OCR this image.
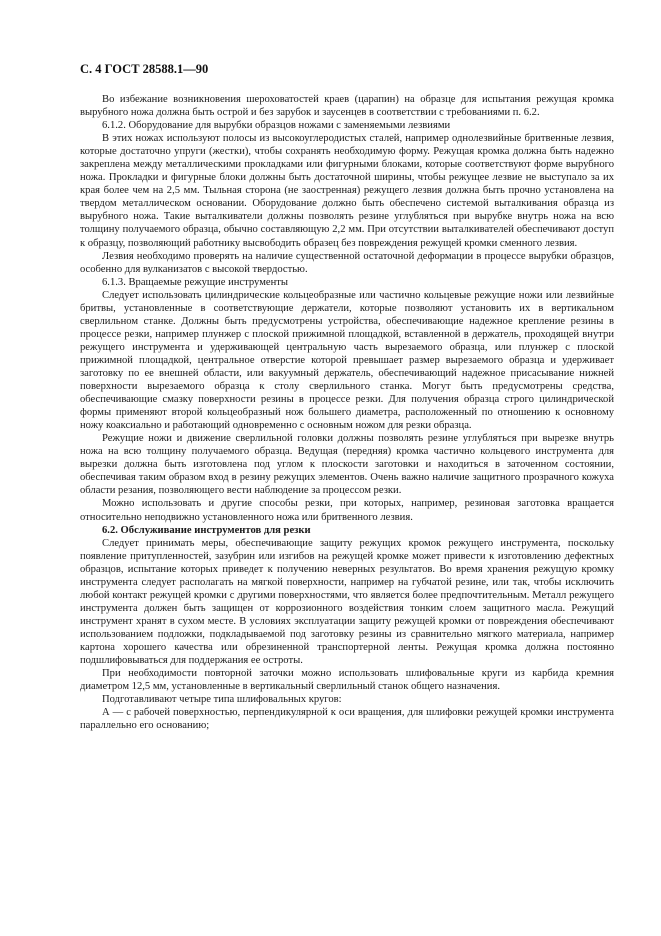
С. 4 ГОСТ 28588.1—90

Во избежание возникновения шероховатостей краев (царапин) на образце для испытания режущая кромка вырубного ножа должна быть острой и без зарубок и заусенцев в соответствии с требованиями п. 6.2.

6.1.2. Оборудование для вырубки образцов ножами с заменяемыми лезвиями

В этих ножах используют полосы из высокоуглеродистых сталей, например однолезвийные бритвенные лезвия, которые достаточно упруги (жестки), чтобы сохранять необходимую форму. Режущая кромка должна быть надежно закреплена между металлическими прокладками или фигурными блоками, которые соответствуют форме вырубного ножа. Прокладки и фигурные блоки должны быть достаточной ширины, чтобы режущее лезвие не выступало за их края более чем на 2,5 мм. Тыльная сторона (не заостренная) режущего лезвия должна быть прочно установлена на твердом металлическом основании. Оборудование должно быть обеспечено системой выталкивания образца из вырубного ножа. Такие выталкиватели должны позволять резине углубляться при вырубке внутрь ножа на всю толщину получаемого образца, обычно составляющую 2,2 мм. При отсутствии выталкивателей обеспечивают доступ к образцу, позволяющий работнику высвободить образец без повреждения режущей кромки сменного лезвия.

Лезвия необходимо проверять на наличие существенной остаточной деформации в процессе вырубки образцов, особенно для вулканизатов с высокой твердостью.

6.1.3. Вращаемые режущие инструменты

Следует использовать цилиндрические кольцеобразные или частично кольцевые режущие ножи или лезвийные бритвы, установленные в соответствующие держатели, которые позволяют установить их в вертикальном сверлильном станке. Должны быть предусмотрены устройства, обеспечивающие надежное крепление резины в процессе резки, например плунжер с плоской прижимной площадкой, вставленной в держатель, проходящей внутри режущего инструмента и удерживающей центральную часть вырезаемого образца, или плунжер с плоской прижимной площадкой, центральное отверстие которой превышает размер вырезаемого образца и удерживает заготовку по ее внешней области, или вакуумный держатель, обеспечивающий надежное присасывание нижней поверхности вырезаемого образца к столу сверлильного станка. Могут быть предусмотрены средства, обеспечивающие смазку поверхности резины в процессе резки. Для получения образца строго цилиндрической формы применяют второй кольцеобразный нож большего диаметра, расположенный по отношению к основному ножу коаксиально и работающий одновременно с основным ножом для резки образца.

Режущие ножи и движение сверлильной головки должны позволять резине углубляться при вырезке внутрь ножа на всю толщину получаемого образца. Ведущая (передняя) кромка частично кольцевого инструмента для вырезки должна быть изготовлена под углом к плоскости заготовки и находиться в заточенном состоянии, обеспечивая таким образом вход в резину режущих элементов. Очень важно наличие защитного прозрачного кожуха области резания, позволяющего вести наблюдение за процессом резки.

Можно использовать и другие способы резки, при которых, например, резиновая заготовка вращается относительно неподвижно установленного ножа или бритвенного лезвия.

6.2. Обслуживание инструментов для резки

Следует принимать меры, обеспечивающие защиту режущих кромок режущего инструмента, поскольку появление притупленностей, зазубрин или изгибов на режущей кромке может привести к изготовлению дефектных образцов, испытание которых приведет к получению неверных результатов. Во время хранения режущую кромку инструмента следует располагать на мягкой поверхности, например на губчатой резине, или так, чтобы исключить любой контакт режущей кромки с другими поверхностями, что является более предпочтительным. Металл режущего инструмента должен быть защищен от коррозионного воздействия тонким слоем защитного масла. Режущий инструмент хранят в сухом месте. В условиях эксплуатации защиту режущей кромки от повреждения обеспечивают использованием подложки, подкладываемой под заготовку резины из сравнительно мягкого материала, например картона хорошего качества или обрезиненной транспортерной ленты. Режущая кромка должна постоянно подшлифовываться для поддержания ее остроты.

При необходимости повторной заточки можно использовать шлифовальные круги из карбида кремния диаметром 12,5 мм, установленные в вертикальный сверлильный станок общего назначения.

Подготавливают четыре типа шлифовальных кругов:

А — с рабочей поверхностью, перпендикулярной к оси вращения, для шлифовки режущей кромки инструмента параллельно его основанию;
